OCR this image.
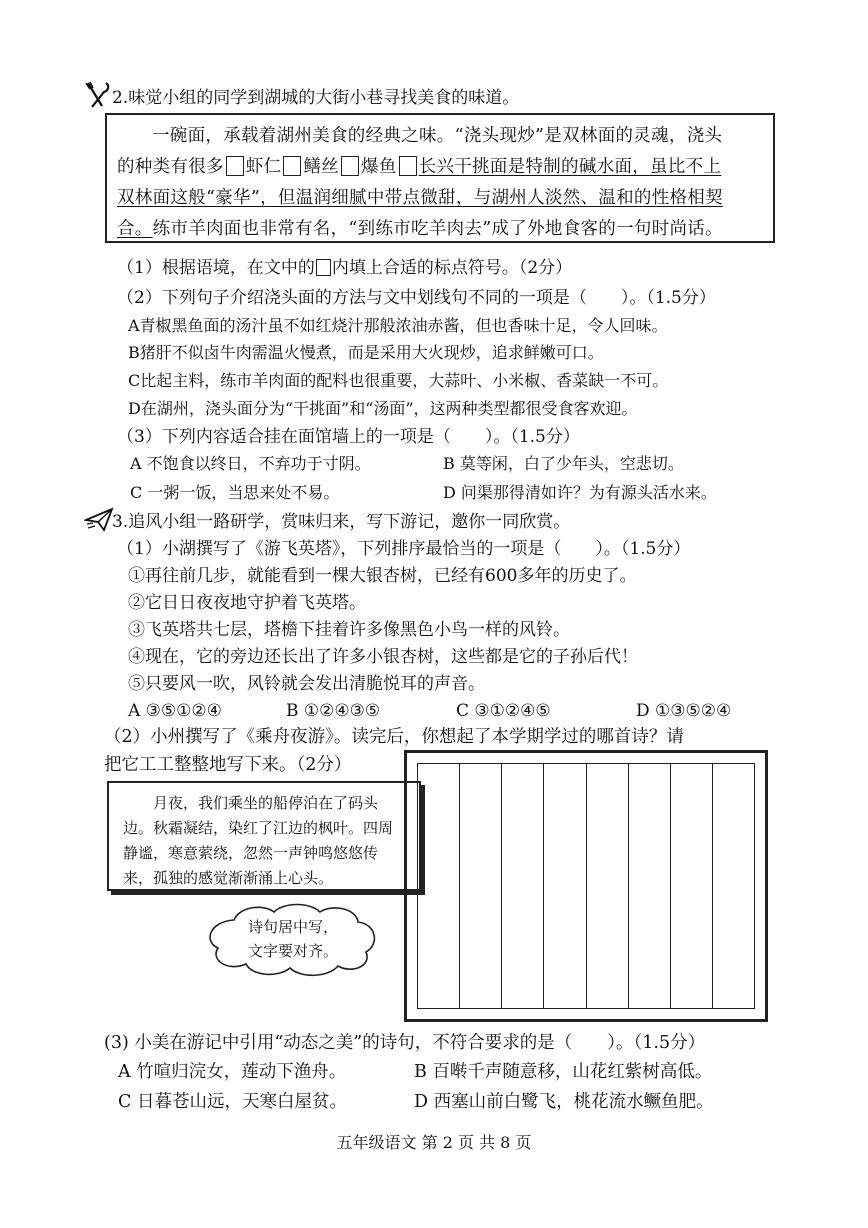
2.味觉小组的同学到湖城的大街小巷寻找美食的味道。

一碗面，承载着湖州美食的经典之味。“浇头现炒”是双林面的灵魂，浇头

的种类有很多 虾仁 鳝丝 爆鱼 长兴干挑面是特制的碱水面，虽比不上

双林面这般“豪华”，但温润细腻中带点微甜，与湖州人淡然、温和的性格相契

合。练市羊肉面也非常有名，“到练市吃羊肉去”成了外地食客的一句时尚话。

（1）根据语境，在文中的 内填上合适的标点符号。（2分）
（2）下列句子介绍浇头面的方法与文中划线句不同的一项是（　　）。（1.5分）
A青椒黑鱼面的汤汁虽不如红烧汁那般浓油赤酱，但也香味十足，令人回味。
B猪肝不似卤牛肉需温火慢煮，而是采用大火现炒，追求鲜嫩可口。
C比起主料，练市羊肉面的配料也很重要，大蒜叶、小米椒、香菜缺一不可。
D在湖州，浇头面分为“干挑面”和“汤面”，这两种类型都很受食客欢迎。
（3）下列内容适合挂在面馆墙上的一项是（　　）。（1.5分）
A 不饱食以终日，不弃功于寸阴。	B 莫等闲，白了少年头，空悲切。
C 一粥一饭，当思来处不易。	D 问渠那得清如许？为有源头活水来。
3.追风小组一路研学，赏味归来，写下游记，邀你一同欣赏。
（1）小湖撰写了《游飞英塔》，下列排序最恰当的一项是（　　）。（1.5分）
①再往前几步，就能看到一棵大银杏树，已经有600多年的历史了。
②它日日夜夜地守护着飞英塔。
③飞英塔共七层，塔檐下挂着许多像黑色小鸟一样的风铃。
④现在，它的旁边还长出了许多小银杏树，这些都是它的子孙后代！
⑤只要风一吹，风铃就会发出清脆悦耳的声音。
A ③⑤①②④	B ①②④③⑤	C ③①②④⑤	D ①③⑤②④
（2）小州撰写了《乘舟夜游》。读完后，你想起了本学期学过的哪首诗？请
把它工工整整地写下来。（2分）

月夜，我们乘坐的船停泊在了码头边。秋霜凝结，染红了江边的枫叶。四周静谧，寒意萦绕，忽然一声钟鸣悠悠传来，孤独的感觉渐渐涌上心头。

诗句居中写，
文字要对齐。
(3) 小美在游记中引用“动态之美”的诗句，不符合要求的是（　　）。（1.5分）
A 竹喧归浣女，莲动下渔舟。	B 百啭千声随意移，山花红紫树高低。
C 日暮苍山远，天寒白屋贫。	D 西塞山前白鹭飞，桃花流水鳜鱼肥。
五年级语文 第 2 页 共 8 页
